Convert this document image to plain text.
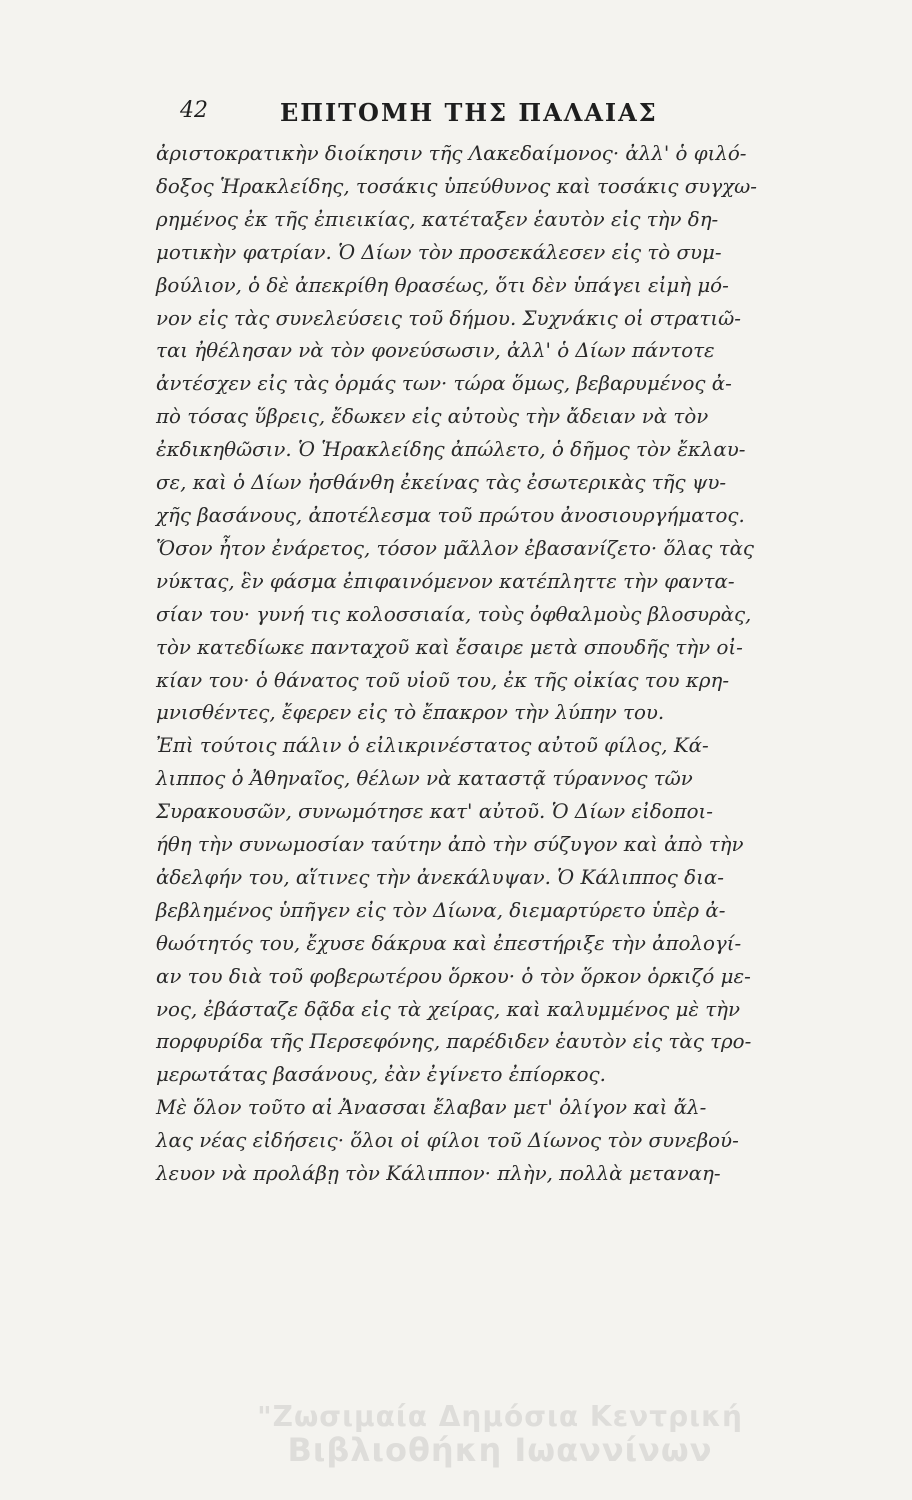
42	ΕΠΙΤΟΜΗ ΤΗΣ ΠΑΛΑΙΑΣ
ἀριστοκρατικὴν διοίκησιν τῆς Λακεδαίμονος· ἀλλ' ὁ φιλό-
δοξος Ἡρακλείδης, τοσάκις ὑπεύθυνος καὶ τοσάκις συγχω-
ρημένος ἐκ τῆς ἐπιεικίας, κατέταξεν ἑαυτὸν εἰς τὴν δη-
μοτικὴν φατρίαν. Ὁ Δίων τὸν προσεκάλεσεν εἰς τὸ συμ-
βούλιον, ὁ δὲ ἀπεκρίθη θρασέως, ὅτι δὲν ὑπάγει εἰμὴ μό-
νον εἰς τὰς συνελεύσεις τοῦ δήμου. Συχνάκις οἱ στρατιῶ-
ται ἠθέλησαν νὰ τὸν φονεύσωσιν, ἀλλ' ὁ Δίων πάντοτε
ἀντέσχεν εἰς τὰς ὁρμάς των· τώρα ὅμως, βεβαρυμένος ἀ-
πὸ τόσας ὕβρεις, ἔδωκεν εἰς αὐτοὺς τὴν ἄδειαν νὰ τὸν
ἐκδικηθῶσιν. Ὁ Ἡρακλείδης ἀπώλετο, ὁ δῆμος τὸν ἔκλαυ-
σε, καὶ ὁ Δίων ἠσθάνθη ἐκείνας τὰς ἐσωτερικὰς τῆς ψυ-
χῆς βασάνους, ἀποτέλεσμα τοῦ πρώτου ἀνοσιουργήματος.
Ὅσον ἦτον ἐνάρετος, τόσον μᾶλλον ἐβασανίζετο· ὅλας τὰς
νύκτας, ἓν φάσμα ἐπιφαινόμενον κατέπληττε τὴν φαντα-
σίαν του· γυνή τις κολοσσιαία, τοὺς ὀφθαλμοὺς βλοσυρὰς,
τὸν κατεδίωκε πανταχοῦ καὶ ἔσαιρε μετὰ σπουδῆς τὴν οἰ-
κίαν του· ὁ θάνατος τοῦ υἱοῦ του, ἐκ τῆς οἰκίας του κρη-
μνισθέντες, ἔφερεν εἰς τὸ ἔπακρον τὴν λύπην του.
Ἐπὶ τούτοις πάλιν ὁ εἰλικρινέστατος αὐτοῦ φίλος, Κά-
λιππος ὁ Ἀθηναῖος, θέλων νὰ καταστᾷ τύραννος τῶν
Συρακουσῶν, συνωμότησε κατ' αὐτοῦ. Ὁ Δίων εἰδοποι-
ήθη τὴν συνωμοσίαν ταύτην ἀπὸ τὴν σύζυγον καὶ ἀπὸ τὴν
ἀδελφήν του, αἵτινες τὴν ἀνεκάλυψαν. Ὁ Κάλιππος δια-
βεβλημένος ὑπῆγεν εἰς τὸν Δίωνα, διεμαρτύρετο ὑπὲρ ἀ-
θωότητός του, ἔχυσε δάκρυα καὶ ἐπεστήριξε τὴν ἀπολογί-
αν του διὰ τοῦ φοβερωτέρου ὅρκου· ὁ τὸν ὅρκον ὁρκιζό με-
νος, ἐβάσταζε δᾷδα εἰς τὰ χείρας, καὶ καλυμμένος μὲ τὴν
πορφυρίδα τῆς Περσεφόνης, παρέδιδεν ἑαυτὸν εἰς τὰς τρο-
μερωτάτας βασάνους, ἐὰν ἐγίνετο ἐπίορκος.
Μὲ ὅλον τοῦτο αἱ Ἀνασσαι ἔλαβαν μετ' ὀλίγον καὶ ἄλ-
λας νέας εἰδήσεις· ὅλοι οἱ φίλοι τοῦ Δίωνος τὸν συνεβού-
λευον νὰ προλάβῃ τὸν Κάλιππον· πλὴν, πολλὰ μεταναη-
"Ζωσιμαία Δημόσια Κεντρική
Βιβλιοθήκη Ιωαννίνων
